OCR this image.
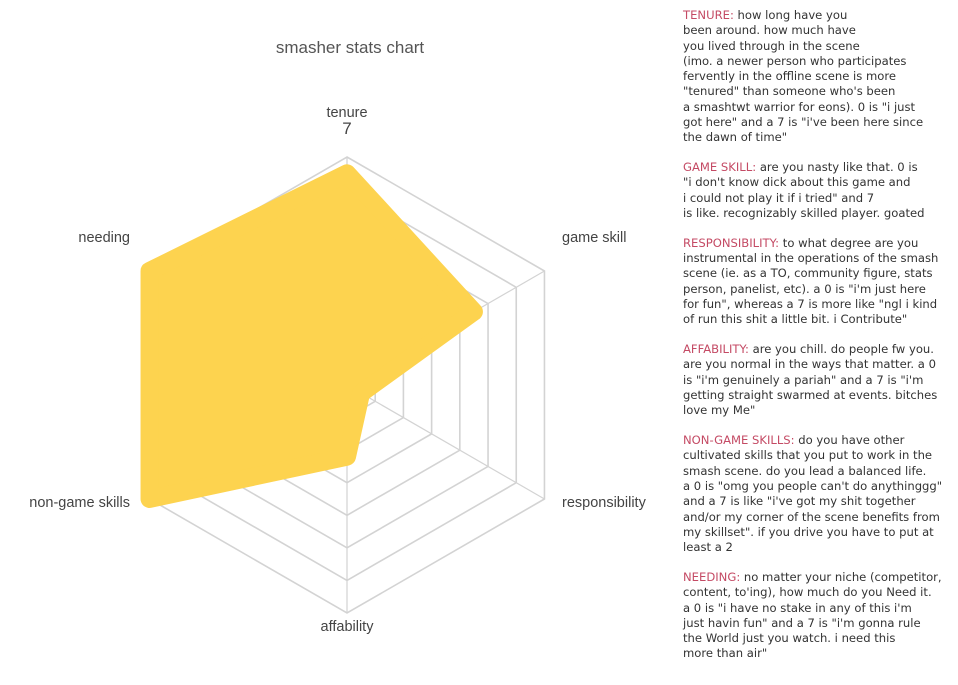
smasher stats chart
tenure
game skill
responsibility
affability
non-game skills
needing
7

TENURE: how long have you
been around. how much have
you lived through in the scene
(imo. a newer person who participates
fervently in the offline scene is more
"tenured" than someone who's been
a smashtwt warrior for eons). 0 is "i just
got here" and a 7 is "i've been here since
the dawn of time"

GAME SKILL: are you nasty like that. 0 is
"i don't know dick about this game and
i could not play it if i tried" and 7
is like. recognizably skilled player. goated

RESPONSIBILITY: to what degree are you
instrumental in the operations of the smash
scene (ie. as a TO, community figure, stats
person, panelist, etc). a 0 is "i'm just here
for fun", whereas a 7 is more like "ngl i kind
of run this shit a little bit. i Contribute"

AFFABILITY: are you chill. do people fw you.
are you normal in the ways that matter. a 0
is "i'm genuinely a pariah" and a 7 is "i'm
getting straight swarmed at events. bitches
love my Me"

NON-GAME SKILLS: do you have other
cultivated skills that you put to work in the
smash scene. do you lead a balanced life.
a 0 is "omg you people can't do anythinggg"
and a 7 is like "i've got my shit together
and/or my corner of the scene benefits from
my skillset". if you drive you have to put at
least a 2

NEEDING: no matter your niche (competitor,
content, to'ing), how much do you Need it.
a 0 is "i have no stake in any of this i'm
just havin fun" and a 7 is "i'm gonna rule
the World just you watch. i need this
more than air"
